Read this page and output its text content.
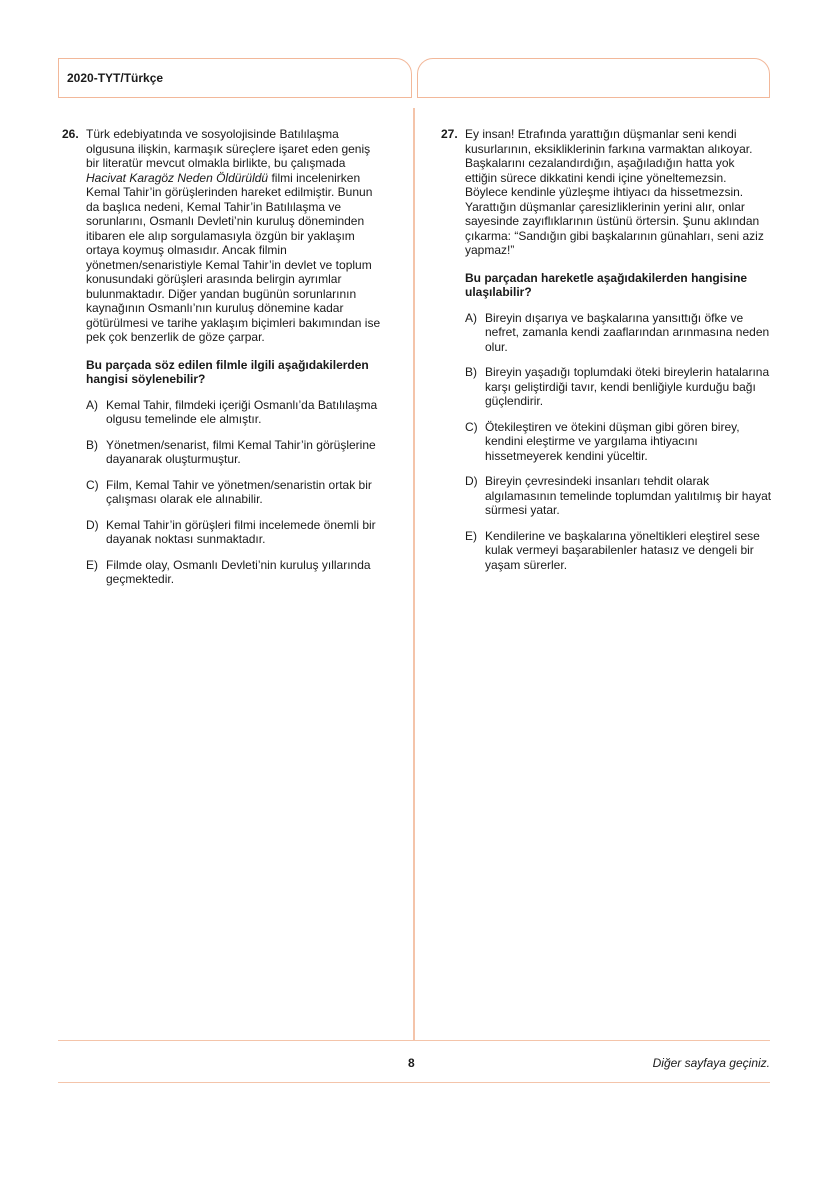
2020-TYT/Türkçe
26. Türk edebiyatında ve sosyolojisinde Batılılaşma
olgusuna ilişkin, karmaşık süreçlere işaret eden geniş
bir literatür mevcut olmakla birlikte, bu çalışmada
Hacivat Karagöz Neden Öldürüldü filmi incelenirken
Kemal Tahir’in görüşlerinden hareket edilmiştir. Bunun
da başlıca nedeni, Kemal Tahir’in Batılılaşma ve
sorunlarını, Osmanlı Devleti’nin kuruluş döneminden
itibaren ele alıp sorgulamasıyla özgün bir yaklaşım
ortaya koymuş olmasıdır. Ancak filmin
yönetmen/senaristiyle Kemal Tahir’in devlet ve toplum
konusundaki görüşleri arasında belirgin ayrımlar
bulunmaktadır. Diğer yandan bugünün sorunlarının
kaynağının Osmanlı’nın kuruluş dönemine kadar
götürülmesi ve tarihe yaklaşım biçimleri bakımından ise
pek çok benzerlik de göze çarpar.
Bu parçada söz edilen filmle ilgili aşağıdakilerden
hangisi söylenebilir?
A) Kemal Tahir, filmdeki içeriği Osmanlı’da Batılılaşma
olgusu temelinde ele almıştır.
B) Yönetmen/senarist, filmi Kemal Tahir’in görüşlerine
dayanarak oluşturmuştur.
C) Film, Kemal Tahir ve yönetmen/senaristin ortak bir
çalışması olarak ele alınabilir.
D) Kemal Tahir’in görüşleri filmi incelemede önemli bir
dayanak noktası sunmaktadır.
E) Filmde olay, Osmanlı Devleti’nin kuruluş yıllarında
geçmektedir.
27. Ey insan! Etrafında yarattığın düşmanlar seni kendi
kusurlarının, eksikliklerinin farkına varmaktan alıkoyar.
Başkalarını cezalandırdığın, aşağıladığın hatta yok
ettiğin sürece dikkatini kendi içine yöneltemezsin.
Böylece kendinle yüzleşme ihtiyacı da hissetmezsin.
Yarattığın düşmanlar çaresizliklerinin yerini alır, onlar
sayesinde zayıflıklarının üstünü örtersin. Şunu aklından
çıkarma: “Sandığın gibi başkalarının günahları, seni aziz
yapmaz!”
Bu parçadan hareketle aşağıdakilerden hangisine
ulaşılabilir?
A) Bireyin dışarıya ve başkalarına yansıttığı öfke ve
nefret, zamanla kendi zaaflarından arınmasına neden
olur.
B) Bireyin yaşadığı toplumdaki öteki bireylerin hatalarına
karşı geliştirdiği tavır, kendi benliğiyle kurduğu bağı
güçlendirir.
C) Ötekileştiren ve ötekini düşman gibi gören birey,
kendini eleştirme ve yargılama ihtiyacını
hissetmeyerek kendini yüceltir.
D) Bireyin çevresindeki insanları tehdit olarak
algılamasının temelinde toplumdan yalıtılmış bir hayat
sürmesi yatar.
E) Kendilerine ve başkalarına yöneltikleri eleştirel sese
kulak vermeyi başarabilenler hatasız ve dengeli bir
yaşam sürerler.
8	Diğer sayfaya geçiniz.
